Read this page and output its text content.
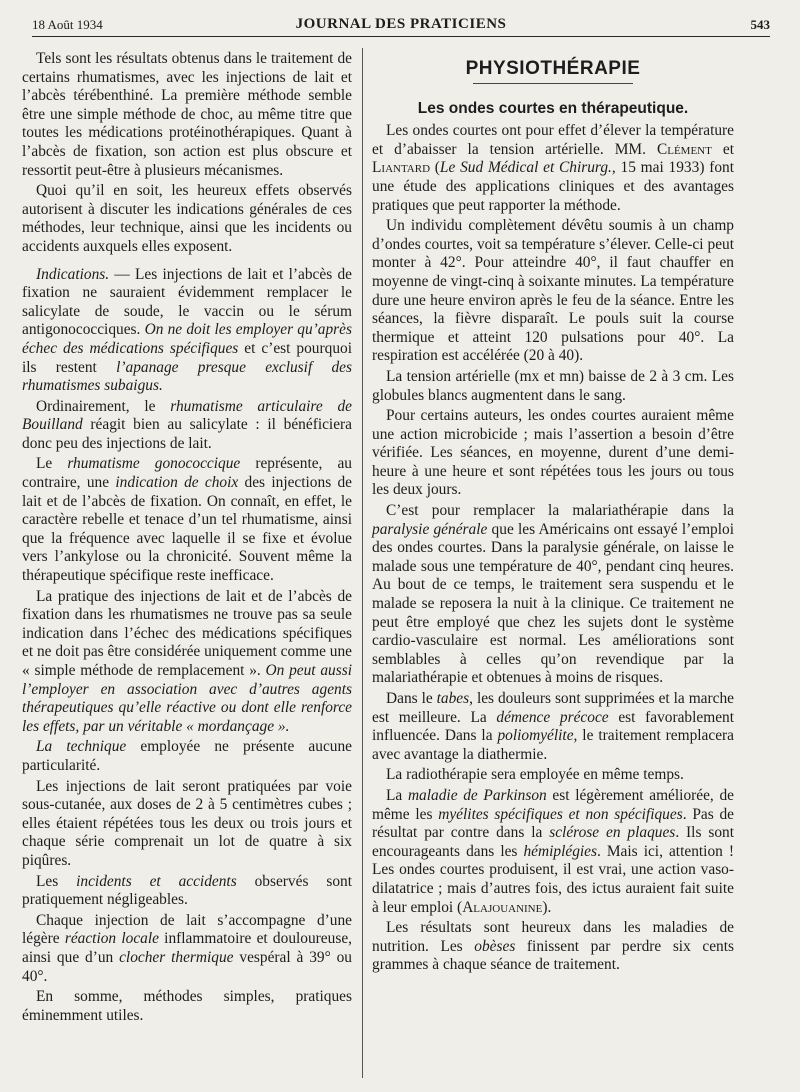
18 Août 1934	JOURNAL DES PRATICIENS	543

Tels sont les résultats obtenus dans le traitement de certains rhumatismes, avec les injections de lait et l’abcès térébenthiné. La première méthode semble être une simple méthode de choc, au même titre que toutes les médications protéinothérapiques. Quant à l’abcès de fixation, son action est plus obscure et ressortit peut-être à plusieurs mécanismes.

Quoi qu’il en soit, les heureux effets observés autorisent à discuter les indications générales de ces méthodes, leur technique, ainsi que les incidents ou accidents auxquels elles exposent.

Indications. — Les injections de lait et l’abcès de fixation ne sauraient évidemment remplacer le salicylate de soude, le vaccin ou le sérum antigonococciques. On ne doit les employer qu’après échec des médications spécifiques et c’est pourquoi ils restent l’apanage presque exclusif des rhumatismes subaigus.

Ordinairement, le rhumatisme articulaire de Bouilland réagit bien au salicylate : il bénéficiera donc peu des injections de lait.

Le rhumatisme gonococcique représente, au contraire, une indication de choix des injections de lait et de l’abcès de fixation. On connaît, en effet, le caractère rebelle et tenace d’un tel rhumatisme, ainsi que la fréquence avec laquelle il se fixe et évolue vers l’ankylose ou la chronicité. Souvent même la thérapeutique spécifique reste inefficace.

La pratique des injections de lait et de l’abcès de fixation dans les rhumatismes ne trouve pas sa seule indication dans l’échec des médications spécifiques et ne doit pas être considérée uniquement comme une « simple méthode de remplacement ». On peut aussi l’employer en association avec d’autres agents thérapeutiques qu’elle réactive ou dont elle renforce les effets, par un véritable « mordançage ».

La technique employée ne présente aucune particularité.

Les injections de lait seront pratiquées par voie sous-cutanée, aux doses de 2 à 5 centimètres cubes ; elles étaient répétées tous les deux ou trois jours et chaque série comprenait un lot de quatre à six piqûres.

Les incidents et accidents observés sont pratiquement négligeables.

Chaque injection de lait s’accompagne d’une légère réaction locale inflammatoire et douloureuse, ainsi que d’un clocher thermique vespéral à 39° ou 40°.

En somme, méthodes simples, pratiques éminemment utiles.

PHYSIOTHÉRAPIE
Les ondes courtes en thérapeutique.

Les ondes courtes ont pour effet d’élever la température et d’abaisser la tension artérielle. MM. Clément et Liantard (Le Sud Médical et Chirurg., 15 mai 1933) font une étude des applications cliniques et des avantages pratiques que peut rapporter la méthode.

Un individu complètement dévêtu soumis à un champ d’ondes courtes, voit sa température s’élever. Celle-ci peut monter à 42°. Pour atteindre 40°, il faut chauffer en moyenne de vingt-cinq à soixante minutes. La température dure une heure environ après le feu de la séance. Entre les séances, la fièvre disparaît. Le pouls suit la course thermique et atteint 120 pulsations pour 40°. La respiration est accélérée (20 à 40).

La tension artérielle (mx et mn) baisse de 2 à 3 cm. Les globules blancs augmentent dans le sang.

Pour certains auteurs, les ondes courtes auraient même une action microbicide ; mais l’assertion a besoin d’être vérifiée. Les séances, en moyenne, durent d’une demi-heure à une heure et sont répétées tous les jours ou tous les deux jours.

C’est pour remplacer la malariathérapie dans la paralysie générale que les Américains ont essayé l’emploi des ondes courtes. Dans la paralysie générale, on laisse le malade sous une température de 40°, pendant cinq heures. Au bout de ce temps, le traitement sera suspendu et le malade se reposera la nuit à la clinique. Ce traitement ne peut être employé que chez les sujets dont le système cardio-vasculaire est normal. Les améliorations sont semblables à celles qu’on revendique par la malariathérapie et obtenues à moins de risques.

Dans le tabes, les douleurs sont supprimées et la marche est meilleure. La démence précoce est favorablement influencée. Dans la poliomyélite, le traitement remplacera avec avantage la diathermie.

La radiothérapie sera employée en même temps.

La maladie de Parkinson est légèrement améliorée, de même les myélites spécifiques et non spécifiques. Pas de résultat par contre dans la sclérose en plaques. Ils sont encourageants dans les hémiplégies. Mais ici, attention ! Les ondes courtes produisent, il est vrai, une action vaso-dilatatrice ; mais d’autres fois, des ictus auraient fait suite à leur emploi (Alajouanine).

Les résultats sont heureux dans les maladies de nutrition. Les obèses finissent par perdre six cents grammes à chaque séance de traitement.
